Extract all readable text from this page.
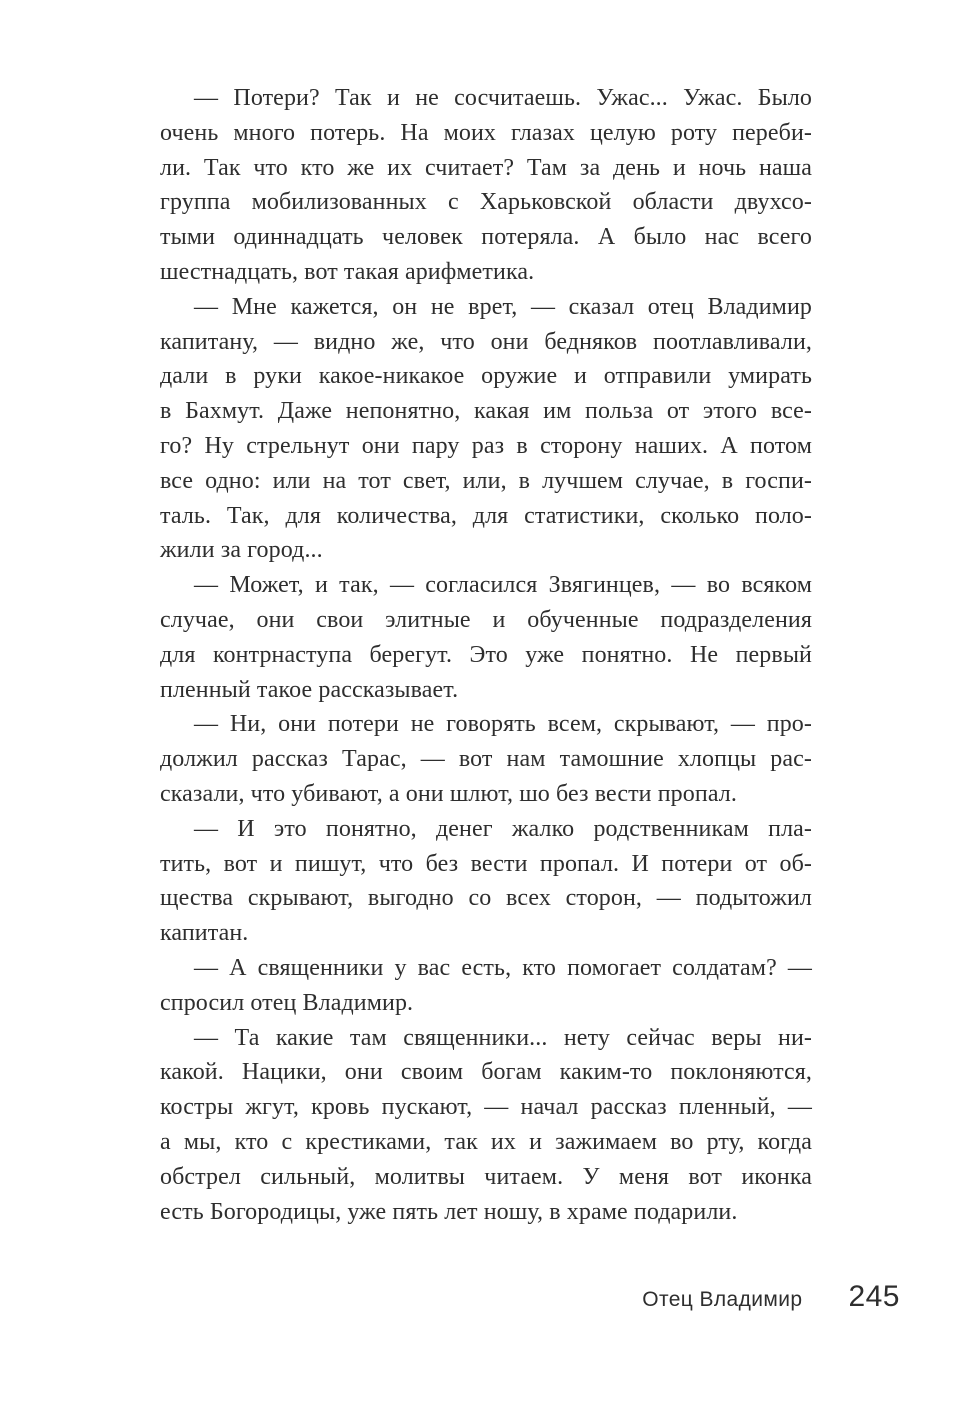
— Потери? Так и не сосчитаешь. Ужас... Ужас. Было
очень много потерь. На моих глазах целую роту переби-
ли. Так что кто же их считает? Там за день и ночь наша
группа мобилизованных с Харьковской области двухсо-
тыми одиннадцать человек потеряла. А было нас всего
шестнадцать, вот такая арифметика.
— Мне кажется, он не врет, — сказал отец Владимир
капитану, — видно же, что они бедняков поотлавливали,
дали в руки какое-никакое оружие и отправили умирать
в Бахмут. Даже непонятно, какая им польза от этого все-
го? Ну стрельнут они пару раз в сторону наших. А потом
все одно: или на тот свет, или, в лучшем случае, в госпи-
таль. Так, для количества, для статистики, сколько поло-
жили за город...
— Может, и так, — согласился Звягинцев, — во всяком
случае, они свои элитные и обученные подразделения
для контрнаступа берегут. Это уже понятно. Не первый
пленный такое рассказывает.
— Ни, они потери не говорять всем, скрывают, — про-
должил рассказ Тарас, — вот нам тамошние хлопцы рас-
сказали, что убивают, а они шлют, шо без вести пропал.
— И это понятно, денег жалко родственникам пла-
тить, вот и пишут, что без вести пропал. И потери от об-
щества скрывают, выгодно со всех сторон, — подытожил
капитан.
— А священники у вас есть, кто помогает солдатам? —
спросил отец Владимир.
— Та какие там священники... нету сейчас веры ни-
какой. Нацики, они своим богам каким-то поклоняются,
костры жгут, кровь пускают, — начал рассказ пленный, —
а мы, кто с крестиками, так их и зажимаем во рту, когда
обстрел сильный, молитвы читаем. У меня вот иконка
есть Богородицы, уже пять лет ношу, в храме подарили.
Отец Владимир 245
